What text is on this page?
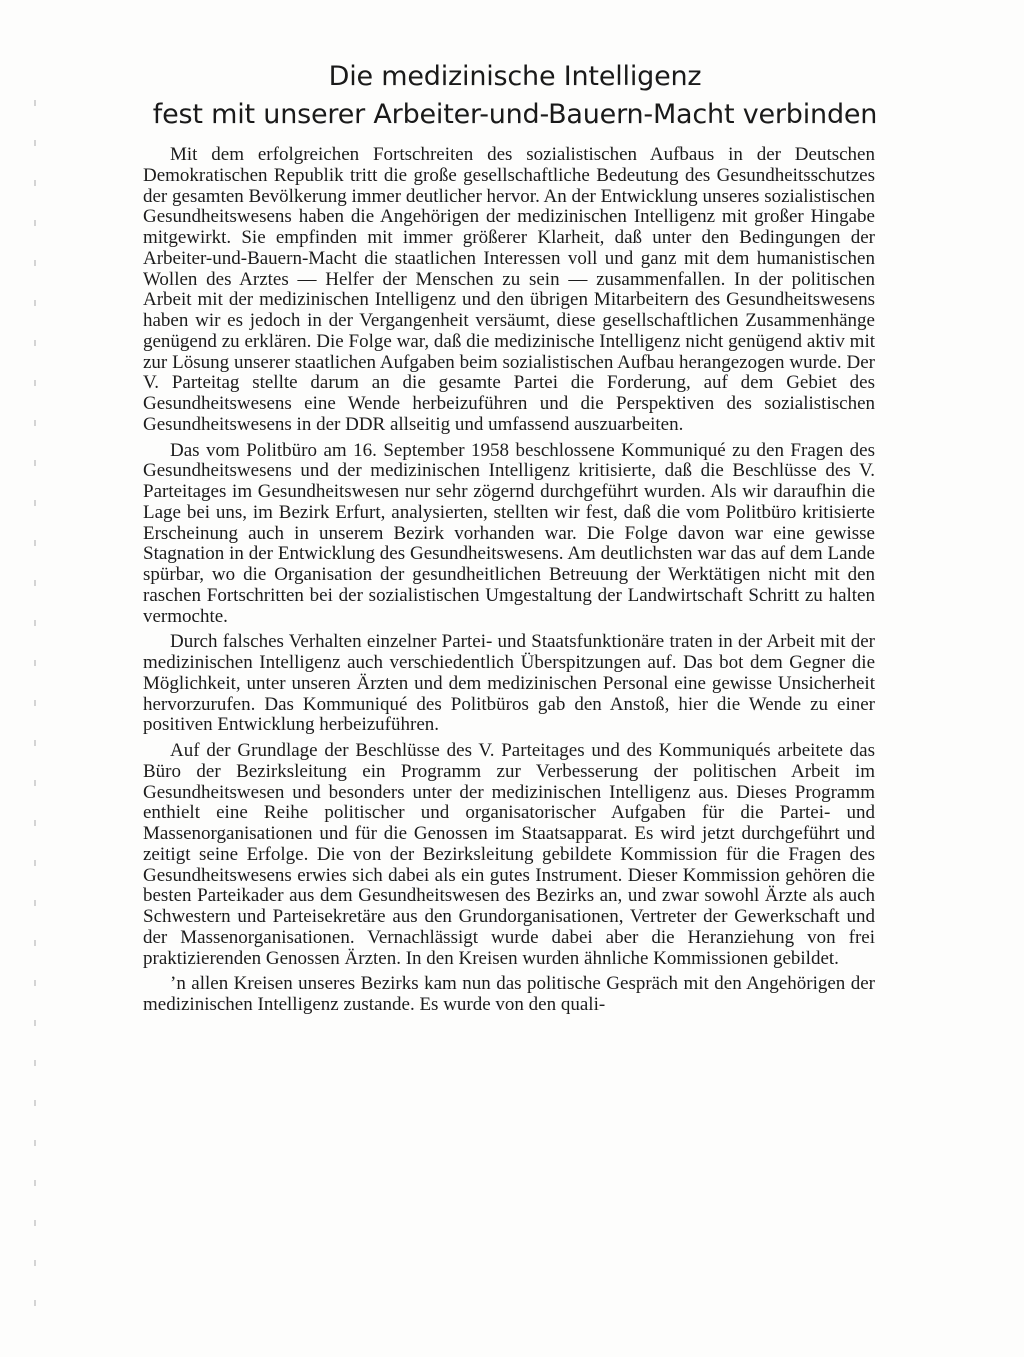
Die medizinische Intelligenz
fest mit unserer Arbeiter-und-Bauern-Macht verbinden

Mit dem erfolgreichen Fortschreiten des sozialistischen Aufbaus in der Deutschen Demokratischen Republik tritt die große gesellschaftliche Bedeutung des Gesundheitsschutzes der gesamten Bevölkerung immer deutlicher hervor. An der Entwicklung unseres sozialistischen Gesundheitswesens haben die Angehörigen der medizinischen Intelligenz mit großer Hingabe mitgewirkt. Sie empfinden mit immer größerer Klarheit, daß unter den Bedingungen der Arbeiter-und-Bauern-Macht die staatlichen Interessen voll und ganz mit dem humanistischen Wollen des Arztes — Helfer der Menschen zu sein — zusammenfallen. In der politischen Arbeit mit der medizinischen Intelligenz und den übrigen Mitarbeitern des Gesundheitswesens haben wir es jedoch in der Vergangenheit versäumt, diese gesellschaftlichen Zusammenhänge genügend zu erklären. Die Folge war, daß die medizinische Intelligenz nicht genügend aktiv mit zur Lösung unserer staatlichen Aufgaben beim sozialistischen Aufbau herangezogen wurde. Der V. Parteitag stellte darum an die gesamte Partei die Forderung, auf dem Gebiet des Gesundheitswesens eine Wende herbeizuführen und die Perspektiven des sozialistischen Gesundheitswesens in der DDR allseitig und umfassend auszuarbeiten.

Das vom Politbüro am 16. September 1958 beschlossene Kommuniqué zu den Fragen des Gesundheitswesens und der medizinischen Intelligenz kritisierte, daß die Beschlüsse des V. Parteitages im Gesundheitswesen nur sehr zögernd durchgeführt wurden. Als wir daraufhin die Lage bei uns, im Bezirk Erfurt, analysierten, stellten wir fest, daß die vom Politbüro kritisierte Erscheinung auch in unserem Bezirk vorhanden war. Die Folge davon war eine gewisse Stagnation in der Entwicklung des Gesundheitswesens. Am deutlichsten war das auf dem Lande spürbar, wo die Organisation der gesundheitlichen Betreuung der Werktätigen nicht mit den raschen Fortschritten bei der sozialistischen Umgestaltung der Landwirtschaft Schritt zu halten vermochte.

Durch falsches Verhalten einzelner Partei- und Staatsfunktionäre traten in der Arbeit mit der medizinischen Intelligenz auch verschiedentlich Überspitzungen auf. Das bot dem Gegner die Möglichkeit, unter unseren Ärzten und dem medizinischen Personal eine gewisse Unsicherheit hervorzurufen. Das Kommuniqué des Politbüros gab den Anstoß, hier die Wende zu einer positiven Entwicklung herbeizuführen.

Auf der Grundlage der Beschlüsse des V. Parteitages und des Kommuniqués arbeitete das Büro der Bezirksleitung ein Programm zur Verbesserung der politischen Arbeit im Gesundheitswesen und besonders unter der medizinischen Intelligenz aus. Dieses Programm enthielt eine Reihe politischer und organisatorischer Aufgaben für die Partei- und Massenorganisationen und für die Genossen im Staatsapparat. Es wird jetzt durchgeführt und zeitigt seine Erfolge. Die von der Bezirksleitung gebildete Kommission für die Fragen des Gesundheitswesens erwies sich dabei als ein gutes Instrument. Dieser Kommission gehören die besten Parteikader aus dem Gesundheitswesen des Bezirks an, und zwar sowohl Ärzte als auch Schwestern und Parteisekretäre aus den Grundorganisationen, Vertreter der Gewerkschaft und der Massenorganisationen. Vernachlässigt wurde dabei aber die Heranziehung von frei praktizierenden Genossen Ärzten. In den Kreisen wurden ähnliche Kommissionen gebildet.

’n allen Kreisen unseres Bezirks kam nun das politische Gespräch mit den Angehörigen der medizinischen Intelligenz zustande. Es wurde von den quali-
